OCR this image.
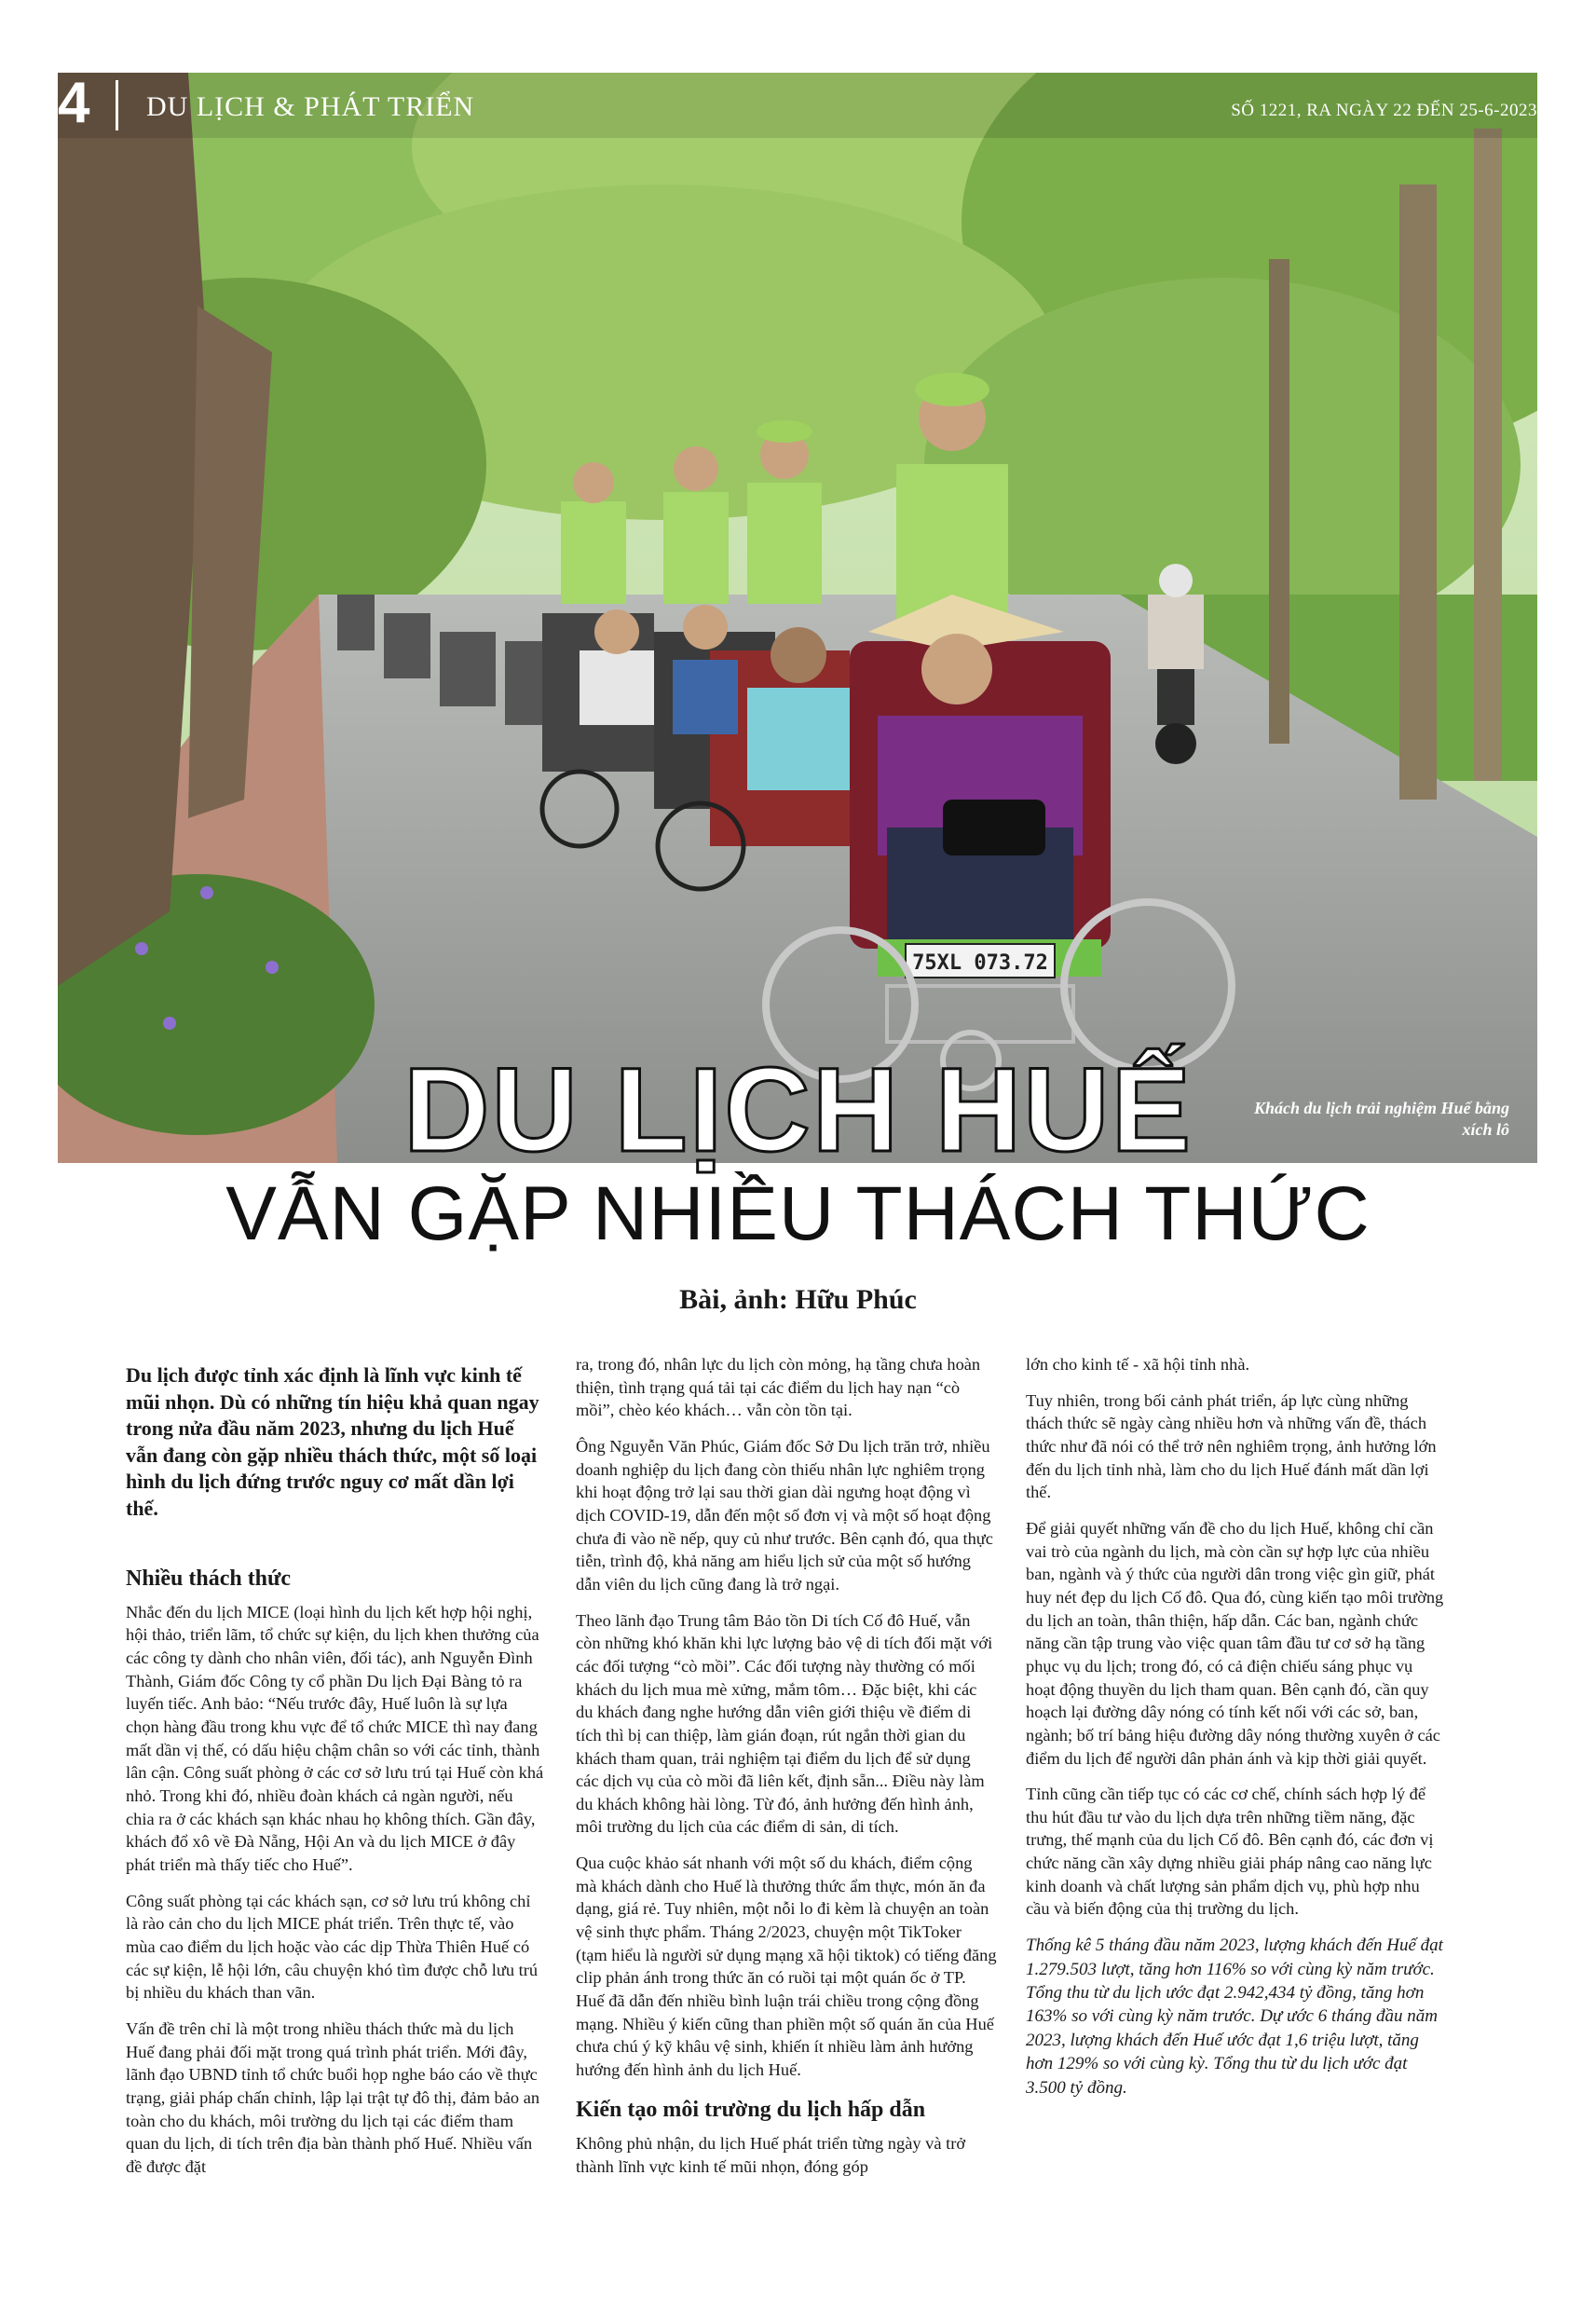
75XL 073.72
4 DU LỊCH & PHÁT TRIỂN	SỐ 1221, RA NGÀY 22 ĐẾN 25-6-2023
Khách du lịch trải nghiệm Huế bằng xích lô
DU LỊCH HUẾ
VẪN GẶP NHIỀU THÁCH THỨC
Bài, ảnh: Hữu Phúc

Du lịch được tỉnh xác định là lĩnh vực kinh tế mũi nhọn. Dù có những tín hiệu khả quan ngay trong nửa đầu năm 2023, nhưng du lịch Huế vẫn đang còn gặp nhiều thách thức, một số loại hình du lịch đứng trước nguy cơ mất dần lợi thế.

Nhiều thách thức

Nhắc đến du lịch MICE (loại hình du lịch kết hợp hội nghị, hội thảo, triển lãm, tổ chức sự kiện, du lịch khen thưởng của các công ty dành cho nhân viên, đối tác), anh Nguyễn Đình Thành, Giám đốc Công ty cổ phần Du lịch Đại Bàng tỏ ra luyến tiếc. Anh bảo: “Nếu trước đây, Huế luôn là sự lựa chọn hàng đầu trong khu vực để tổ chức MICE thì nay đang mất dần vị thế, có dấu hiệu chậm chân so với các tỉnh, thành lân cận. Công suất phòng ở các cơ sở lưu trú tại Huế còn khá nhỏ. Trong khi đó, nhiều đoàn khách cả ngàn người, nếu chia ra ở các khách sạn khác nhau họ không thích. Gần đây, khách đổ xô về Đà Nẵng, Hội An và du lịch MICE ở đây phát triển mà thấy tiếc cho Huế”.

Công suất phòng tại các khách sạn, cơ sở lưu trú không chỉ là rào cản cho du lịch MICE phát triển. Trên thực tế, vào mùa cao điểm du lịch hoặc vào các dịp Thừa Thiên Huế có các sự kiện, lễ hội lớn, câu chuyện khó tìm được chỗ lưu trú bị nhiều du khách than vãn.

Vấn đề trên chỉ là một trong nhiều thách thức mà du lịch Huế đang phải đối mặt trong quá trình phát triển. Mới đây, lãnh đạo UBND tỉnh tổ chức buổi họp nghe báo cáo về thực trạng, giải pháp chấn chỉnh, lập lại trật tự đô thị, đảm bảo an toàn cho du khách, môi trường du lịch tại các điểm tham quan du lịch, di tích trên địa bàn thành phố Huế. Nhiều vấn đề được đặt

ra, trong đó, nhân lực du lịch còn mỏng, hạ tầng chưa hoàn thiện, tình trạng quá tải tại các điểm du lịch hay nạn “cò mồi”, chèo kéo khách… vẫn còn tồn tại.

Ông Nguyễn Văn Phúc, Giám đốc Sở Du lịch trăn trở, nhiều doanh nghiệp du lịch đang còn thiếu nhân lực nghiêm trọng khi hoạt động trở lại sau thời gian dài ngưng hoạt động vì dịch COVID-19, dẫn đến một số đơn vị và một số hoạt động chưa đi vào nề nếp, quy củ như trước. Bên cạnh đó, qua thực tiễn, trình độ, khả năng am hiểu lịch sử của một số hướng dẫn viên du lịch cũng đang là trở ngại.

Theo lãnh đạo Trung tâm Bảo tồn Di tích Cố đô Huế, vẫn còn những khó khăn khi lực lượng bảo vệ di tích đối mặt với các đối tượng “cò mồi”. Các đối tượng này thường có mối khách du lịch mua mè xửng, mắm tôm… Đặc biệt, khi các du khách đang nghe hướng dẫn viên giới thiệu về điểm di tích thì bị can thiệp, làm gián đoạn, rút ngắn thời gian du khách tham quan, trải nghiệm tại điểm du lịch để sử dụng các dịch vụ của cò mồi đã liên kết, định sẵn... Điều này làm du khách không hài lòng. Từ đó, ảnh hưởng đến hình ảnh, môi trường du lịch của các điểm di sản, di tích.

Qua cuộc khảo sát nhanh với một số du khách, điểm cộng mà khách dành cho Huế là thưởng thức ẩm thực, món ăn đa dạng, giá rẻ. Tuy nhiên, một nỗi lo đi kèm là chuyện an toàn vệ sinh thực phẩm. Tháng 2/2023, chuyện một TikToker (tạm hiểu là người sử dụng mạng xã hội tiktok) có tiếng đăng clip phản ánh trong thức ăn có ruồi tại một quán ốc ở TP. Huế đã dẫn đến nhiều bình luận trái chiều trong cộng đồng mạng. Nhiều ý kiến cũng than phiền một số quán ăn của Huế chưa chú ý kỹ khâu vệ sinh, khiến ít nhiều làm ảnh hưởng hướng đến hình ảnh du lịch Huế.

Kiến tạo môi trường du lịch hấp dẫn

Không phủ nhận, du lịch Huế phát triển từng ngày và trở thành lĩnh vực kinh tế mũi nhọn, đóng góp

lớn cho kinh tế - xã hội tỉnh nhà.

Tuy nhiên, trong bối cảnh phát triển, áp lực cùng những thách thức sẽ ngày càng nhiều hơn và những vấn đề, thách thức như đã nói có thể trở nên nghiêm trọng, ảnh hưởng lớn đến du lịch tỉnh nhà, làm cho du lịch Huế đánh mất dần lợi thế.

Để giải quyết những vấn đề cho du lịch Huế, không chỉ cần vai trò của ngành du lịch, mà còn cần sự hợp lực của nhiều ban, ngành và ý thức của người dân trong việc gìn giữ, phát huy nét đẹp du lịch Cố đô. Qua đó, cùng kiến tạo môi trường du lịch an toàn, thân thiện, hấp dẫn. Các ban, ngành chức năng cần tập trung vào việc quan tâm đầu tư cơ sở hạ tầng phục vụ du lịch; trong đó, có cả điện chiếu sáng phục vụ hoạt động thuyền du lịch tham quan. Bên cạnh đó, cần quy hoạch lại đường dây nóng có tính kết nối với các sở, ban, ngành; bố trí bảng hiệu đường dây nóng thường xuyên ở các điểm du lịch để người dân phản ánh và kịp thời giải quyết.

Tỉnh cũng cần tiếp tục có các cơ chế, chính sách hợp lý để thu hút đầu tư vào du lịch dựa trên những tiềm năng, đặc trưng, thế mạnh của du lịch Cố đô. Bên cạnh đó, các đơn vị chức năng cần xây dựng nhiều giải pháp nâng cao năng lực kinh doanh và chất lượng sản phẩm dịch vụ, phù hợp nhu cầu và biến động của thị trường du lịch.

Thống kê 5 tháng đầu năm 2023, lượng khách đến Huế đạt 1.279.503 lượt, tăng hơn 116% so với cùng kỳ năm trước. Tổng thu từ du lịch ước đạt 2.942,434 tỷ đồng, tăng hơn 163% so với cùng kỳ năm trước. Dự ước 6 tháng đầu năm 2023, lượng khách đến Huế ước đạt 1,6 triệu lượt, tăng hơn 129% so với cùng kỳ. Tổng thu từ du lịch ước đạt 3.500 tỷ đồng.
